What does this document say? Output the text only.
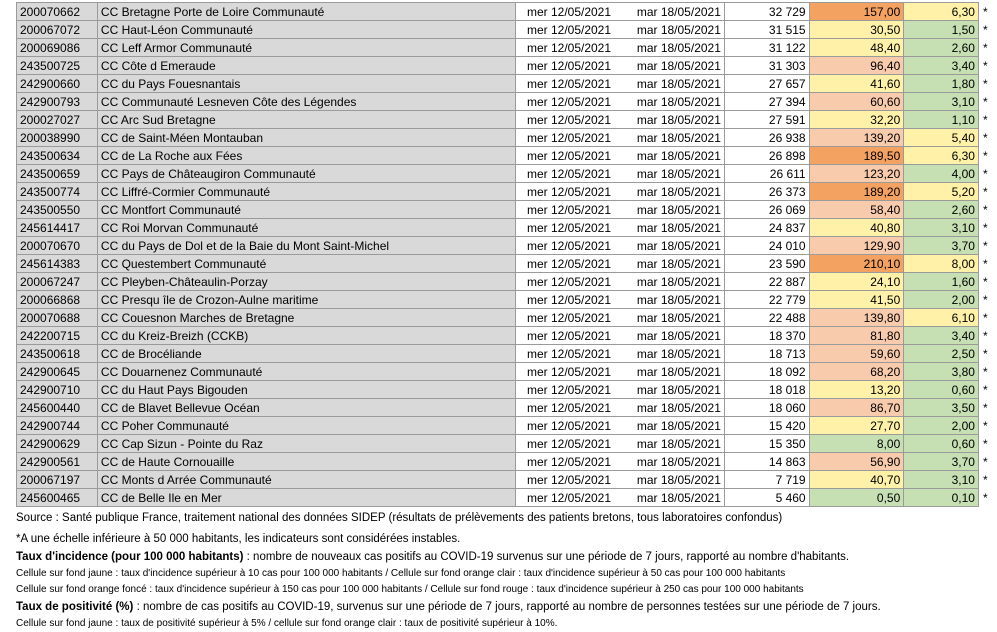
200070662	CC Bretagne Porte de Loire Communauté	mer 12/05/2021	mar 18/05/2021	32 729	157,00	6,30	*
200067072	CC Haut-Léon Communauté	mer 12/05/2021	mar 18/05/2021	31 515	30,50	1,50	*
200069086	CC Leff Armor Communauté	mer 12/05/2021	mar 18/05/2021	31 122	48,40	2,60	*
243500725	CC Côte d Emeraude	mer 12/05/2021	mar 18/05/2021	31 303	96,40	3,40	*
242900660	CC du Pays Fouesnantais	mer 12/05/2021	mar 18/05/2021	27 657	41,60	1,80	*
242900793	CC Communauté Lesneven Côte des Légendes	mer 12/05/2021	mar 18/05/2021	27 394	60,60	3,10	*
200027027	CC Arc Sud Bretagne	mer 12/05/2021	mar 18/05/2021	27 591	32,20	1,10	*
200038990	CC de Saint-Méen Montauban	mer 12/05/2021	mar 18/05/2021	26 938	139,20	5,40	*
243500634	CC de La Roche aux Fées	mer 12/05/2021	mar 18/05/2021	26 898	189,50	6,30	*
243500659	CC Pays de Châteaugiron Communauté	mer 12/05/2021	mar 18/05/2021	26 611	123,20	4,00	*
243500774	CC Liffré-Cormier Communauté	mer 12/05/2021	mar 18/05/2021	26 373	189,20	5,20	*
243500550	CC Montfort Communauté	mer 12/05/2021	mar 18/05/2021	26 069	58,40	2,60	*
245614417	CC Roi Morvan Communauté	mer 12/05/2021	mar 18/05/2021	24 837	40,80	3,10	*
200070670	CC du Pays de Dol et de la Baie du Mont Saint-Michel	mer 12/05/2021	mar 18/05/2021	24 010	129,90	3,70	*
245614383	CC Questembert Communauté	mer 12/05/2021	mar 18/05/2021	23 590	210,10	8,00	*
200067247	CC Pleyben-Châteaulin-Porzay	mer 12/05/2021	mar 18/05/2021	22 887	24,10	1,60	*
200066868	CC Presqu île de Crozon-Aulne maritime	mer 12/05/2021	mar 18/05/2021	22 779	41,50	2,00	*
200070688	CC Couesnon Marches de Bretagne	mer 12/05/2021	mar 18/05/2021	22 488	139,80	6,10	*
242200715	CC du Kreiz-Breizh (CCKB)	mer 12/05/2021	mar 18/05/2021	18 370	81,80	3,40	*
243500618	CC de Brocéliande	mer 12/05/2021	mar 18/05/2021	18 713	59,60	2,50	*
242900645	CC Douarnenez Communauté	mer 12/05/2021	mar 18/05/2021	18 092	68,20	3,80	*
242900710	CC du Haut Pays Bigouden	mer 12/05/2021	mar 18/05/2021	18 018	13,20	0,60	*
245600440	CC de Blavet Bellevue Océan	mer 12/05/2021	mar 18/05/2021	18 060	86,70	3,50	*
242900744	CC Poher Communauté	mer 12/05/2021	mar 18/05/2021	15 420	27,70	2,00	*
242900629	CC Cap Sizun - Pointe du Raz	mer 12/05/2021	mar 18/05/2021	15 350	8,00	0,60	*
242900561	CC de Haute Cornouaille	mer 12/05/2021	mar 18/05/2021	14 863	56,90	3,70	*
200067197	CC Monts d Arrée Communauté	mer 12/05/2021	mar 18/05/2021	7 719	40,70	3,10	*
245600465	CC de Belle Ile en Mer	mer 12/05/2021	mar 18/05/2021	5 460	0,50	0,10	*
Source : Santé publique France, traitement national des données SIDEP (résultats de prélèvements des patients bretons, tous laboratoires confondus)
*A une échelle inférieure à 50 000 habitants, les indicateurs sont considérées instables.
Taux d'incidence (pour 100 000 habitants) : nombre de nouveaux cas positifs au COVID-19 survenus sur une période de 7 jours, rapporté au nombre d'habitants.
Cellule sur fond jaune : taux d'incidence supérieur à 10 cas pour 100 000 habitants / Cellule sur fond orange clair : taux d'incidence supérieur à 50 cas pour 100 000 habitants
Cellule sur fond orange foncé : taux d'incidence supérieur à 150 cas pour 100 000 habitants / Cellule sur fond rouge : taux d'incidence supérieur à 250 cas pour 100 000 habitants
Taux de positivité (%) : nombre de cas positifs au COVID-19, survenus sur une période de 7 jours, rapporté au nombre de personnes testées sur une période de 7 jours.
Cellule sur fond jaune : taux de positivité supérieur à 5% / cellule sur fond orange clair : taux de positivité supérieur à 10%.
